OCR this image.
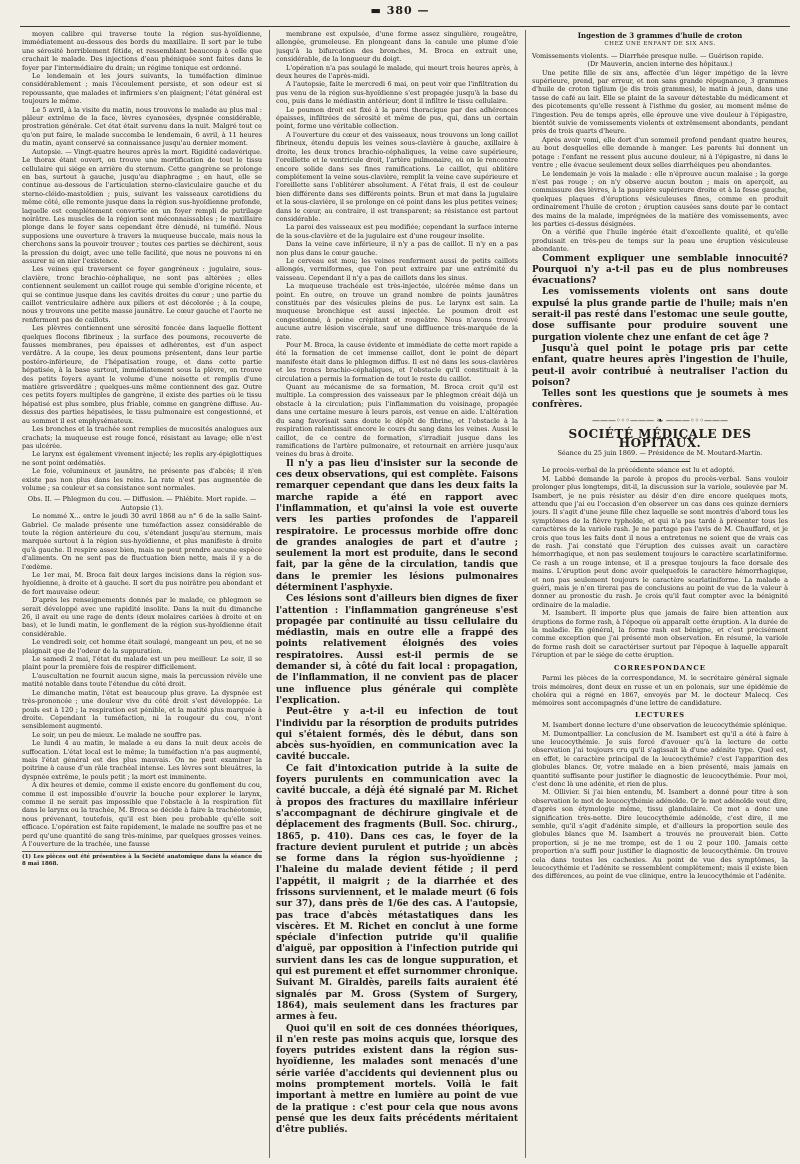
▬ 380 —

moyen calibre qui traverse toute la région sus-hyoïdienne, immédiatement au-dessous des bords du maxillaire. Il sort par le tube une sérosité horriblement fétide, et ressemblant beaucoup à celle que crachait le malade. Des injections d'eau phéniquée sont faites dans le foyer par l'intermédiaire du drain; un régime tonique est ordonné.

Le lendemain et les jours suivants, la tuméfaction diminue considérablement ; mais l'écoulement persiste, et son odeur est si repoussante, que malades et infirmiers s'en plaignent; l'état général est toujours le même.

Le 5 avril, à la visite du matin, nous trouvons le malade au plus mal : pâleur extrême de la face, lèvres cyanosées, dyspnée considérable, prostration générale. Cet état était survenu dans la nuit. Malgré tout ce qu'on put faire, le malade succomba le lendemain, 6 avril, à 11 heures du matin, ayant conservé sa connaissance jusqu'au dernier moment.

Autopsie. — Vingt-quatre heures après la mort. Rigidité cadavérique. Le thorax étant ouvert, on trouve une mortification de tout le tissu cellulaire qui siége en arrière du sternum. Cette gangrène se prolonge en bas, surtout à gauche, jusqu'au diaphragme ; en haut, elle se continue au-dessous de l'articulation sterno-claviculaire gauche et du sterno-cléido-mastoïdien ; puis, suivant les vaisseaux carotidiens du même côté, elle remonte jusque dans la région sus-hyoïdienne profonde, laquelle est complétement convertie en un foyer rempli de putrilage noirâtre. Les muscles de la région sont méconnaissables ; le maxillaire plonge dans le foyer sans cependant être dénudé, ni tuméfié. Nous supposions une ouverture à travers la muqueuse buccale, mais nous la cherchons sans la pouvoir trouver ; toutes ces parties se déchirent, sous la pression du doigt, avec une telle facilité, que nous ne pouvons ni en assurer ni en nier l'existence.

Les veines qui traversent ce foyer gangréneux : jugulaire, sous-clavière, tronc brachio-céphalique, ne sont pas altérées ; elles contiennent seulement un caillot rouge qui semble d'origine récente, et qui se continue jusque dans les cavités droites du cœur ; une partie du caillot ventriculaire adhère aux piliers et est décolorée ; à la coupe, nous y trouvons une petite masse jaunâtre. Le cœur gauche et l'aorte ne renferment pas de caillots.

Les plèvres contiennent une sérosité foncée dans laquelle flottent quelques flocons fibrineux ; la surface des poumons, recouverte de fausses membranes, peu épaisses et adhérentes, est d'un aspect verdâtre. A la coupe, les deux poumons présentent, dans leur partie postéro-inférieure, de l'hépatisation rouge, et dans cette partie hépatisée, à la base surtout, immédiatement sous la plèvre, on trouve des petits foyers ayant le volume d'une noisette et remplis d'une matière grisverdâtre ; quelques-uns même contiennent des gaz. Outre ces petits foyers multiples de gangrène, il existe des parties où le tissu hépatisé est plus sombre, plus friable, comme en gangrène diffuse. Au-dessus des parties hépatisées, le tissu pulmonaire est congestionné, et au sommet il est emphysémateux.

Les bronches et la trachée sont remplies de mucosités analogues aux crachats; la muqueuse est rouge foncé, résistant au lavage; elle n'est pas ulcérée.

Le larynx est également vivement injecté; les replis ary-épiglottiques ne sont point œdématiés.

Le foie, volumineux et jaunâtre, ne présente pas d'abcès; il n'en existe pas non plus dans les reins. La rate n'est pas augmentée de volume ; sa couleur et sa consistance sont normales.

Obs. II. — Phlegmon du cou. — Diffusion. — Phlébite. Mort rapide. — Autopsie (1).

Le nommé X... entre le jeudi 30 avril 1868 au n° 6 de la salle Saint-Gabriel. Ce malade présente une tuméfaction assez considérable de toute la région antérieure du cou, s'étendant jusqu'au sternum, mais marquée surtout à la région sus-hyoïdienne, et plus manifeste à droite qu'à gauche. Il respire assez bien, mais ne peut prendre aucune espèce d'aliments. On ne sent pas de fluctuation bien nette, mais il y a de l'œdème.

Le 1er mai, M. Broca fait deux larges incisions dans la région sus-hyoïdienne, à droite et à gauche. Il sort du pus noirâtre peu abondant et de fort mauvaise odeur.

D'après les renseignements donnés par le malade, ce phlegmon se serait développé avec une rapidité insolite. Dans la nuit du dimanche 26, il avait eu une rage de dents (deux molaires cariées à droite et en bas), et le lundi matin, le gonflement de la région sus-hyoïdienne était considérable.

Le vendredi soir, cet homme était soulagé, mangeant un peu, et ne se plaignait que de l'odeur de la suppuration.

Le samedi 2 mai, l'état du malade est un peu meilleur. Le soir, il se plaint pour la première fois de respirer difficilement.

L'auscultation ne fournit aucun signe, mais la percussion révèle une matité notable dans toute l'étendue du côté droit.

Le dimanche matin, l'état est beaucoup plus grave. La dyspnée est très-prononcée ; une douleur vive du côté droit s'est développée. Le pouls est à 120 ; la respiration est pénible, et la matité plus marquée à droite. Cependant la tuméfaction, ni la rougeur du cou, n'ont sensiblement augmenté.

Le soir, un peu de mieux. Le malade ne souffre pas.

Le lundi 4 au matin, le malade a eu dans la nuit deux accès de suffocation. L'état local est le même; la tuméfaction n'a pas augmenté, mais l'état général est des plus mauvais. On ne peut examiner la poitrine à cause d'un râle trachéal intense. Les lèvres sont bleuâtres, la dyspnée extrême, le pouls petit ; la mort est imminente.

A dix heures et demie, comme il existe encore du gonflement du cou, comme il est impossible d'ouvrir la bouche pour explorer le larynx, comme il ne serait pas impossible que l'obstacle à la respiration fût dans le larynx ou la trachée, M. Broca se décide à faire la trachéotomie, nous prévenant, toutefois, qu'il est bien peu probable qu'elle soit efficace. L'opération est faite rapidement, le malade ne souffre pas et ne perd qu'une quantité de sang très-minime, par quelques grosses veines. A l'ouverture de la trachée, une fausse

(1) Les pièces ont été présentées à la Société anatomique dans la séance du 8 mai 1868.

membrane est expulsée, d'une forme assez singulière, rougeâtre, allongée, grumeleuse. En plongeant dans la canule une plume d'oie jusqu'à la bifurcation des bronches, M. Broca en extrait une, considérable, de la longueur du doigt.

L'opération n'a pas soulagé le malade, qui meurt trois heures après, à deux heures de l'après-midi.

A l'autopsie, faite le mercredi 6 mai, on peut voir que l'infiltration du pus venu de la région sus-hyoïdienne s'est propagée jusqu'à la base du cou, puis dans le médiastin antérieur, dont il infiltre le tissu cellulaire.

Le poumon droit est fixé à la paroi thoracique par des adhérences épaisses, infiltrées de sérosité et même de pus, qui, dans un certain point, forme une véritable collection.

A l'ouverture du cœur et des vaisseaux, nous trouvons un long caillot fibrineux, étendu depuis les veines sous-clavière à gauche, axillaire à droite, les deux troncs brachio-céphaliques, la veine cave supérieure, l'oreillette et le ventricule droit, l'artère pulmonaire, où on le rencontre encore solide dans ses fines ramifications. Le caillot, qui oblitère complétement la veine sous-clavière, remplit la veine cave supérieure et l'oreillette sans l'oblitérer absolument. A l'état frais, il est de couleur bien différente dans ses différents points. Brun et mat dans la jugulaire et la sous-clavière, il se prolonge en cé point dans les plus petites veines; dans le cœur, au contraire, il est transparent; sa résistance est partout considérable.

La paroi des vaisseaux est peu modifiée; cependant la surface interne de la sous-clavière et de la jugulaire est d'une rougeur insolite.

Dans la veine cave inférieure, il n'y a pas de caillot. Il n'y en a pas non plus dans le cœur gauche.

Le cerveau est mou; les veines renferment aussi de petits caillots allongés, vermiformes, que l'on peut extraire par une extrémité du vaisseau. Cependant il n'y a pas de caillots dans les sinus.

La muqueuse trachéale est très-injectée, ulcérée même dans un point. En outre, on trouve un grand nombre de points jaunâtres constitués par des vésicules pleins de pus. Le larynx est sain. La muqueuse bronchique est aussi injectée. Le poumon droit est congestionné, à peine crépitant et rougeâtre. Nous n'avons trouvé aucune autre lésion viscérale, sauf une diffluence très-marquée de la rate.

Pour M. Broca, la cause évidente et immédiate de cette mort rapide a été la formation de cet immense caillot, dont le point de départ manifeste était dans le phlegmon diffus. Il est né dans les sous-clavières et les troncs brachio-céphaliques, et l'obstacle qu'il constituait à la circulation a permis la formation de tout le reste du caillot.

Quant au mécanisme de sa formation, M. Broca croit qu'il est multiple. La compression des vaisseaux par le phlegmon créait déjà un obstacle à la circulation; puis l'inflammation du voisinage, propagée dans une certaine mesure à leurs parois, est venue en aide. L'altération du sang favorisait sans doute le dépôt de fibrine, et l'obstacle à la respiration ralentissait encore le cours du sang dans les veines. Aussi le caillot, de ce centre de formation, s'irradiait jusque dans les ramifications de l'artère pulmonaire, et retournait en arrière jusqu'aux veines du bras à droite.

Il n'y a pas lieu d'insister sur la seconde de ces deux observations, qui est complète. Faisons remarquer cependant que dans les deux faits la marche rapide a été en rapport avec l'inflammation, et qu'ainsi la voie est ouverte vers les parties profondes de l'appareil respiratoire. Le processus morbide offre donc de grandes analogies de part et d'autre ; seulement la mort est produite, dans le second fait, par la gêne de la circulation, tandis que dans le premier les lésions pulmonaires déterminent l'asphyxie.

Ces lésions sont d'ailleurs bien dignes de fixer l'attention : l'inflammation gangréneuse s'est propagée par continuité au tissu cellulaire du médiastin, mais en outre elle a frappé des points relativement éloignés des voies respiratoires. Aussi est-il permis de se demander si, à côté du fait local : propagation, de l'inflammation, il ne convient pas de placer une influence plus générale qui complète l'explication.

Peut-être y a-t-il eu infection de tout l'individu par la résorption de produits putrides qui s'étaient formés, dès le début, dans son abcès sus-hyoïdien, en communication avec la cavité buccale.

Ce fait d'intoxication putride à la suite de foyers purulents en communication avec la cavité buccale, a déjà été signalé par M. Richet à propos des fractures du maxillaire inférieur s'accompagnant de déchirure gingivale et de déplacement des fragments (Bull. Soc. chirurg., 1865, p. 410). Dans ces cas, le foyer de la fracture devient purulent et putride ; un abcès se forme dans la région sus-hyoïdienne ; l'haleine du malade devient fétide ; il perd l'appétit, il maigrit ; de la diarrhée et des frissons surviennent, et le malade meurt (6 fois sur 37), dans près de 1/6e des cas. A l'autopsie, pas trace d'abcès métastatiques dans les viscères. Et M. Richet en conclut à une forme spéciale d'infection putride qu'il qualifie d'aiguë, par opposition à l'infection putride qui survient dans les cas de longue suppuration, et qui est purement et effet surnommer chronique. Suivant M. Giraldès, pareils faits auraient été signalés par M. Gross (System of Surgery, 1864), mais seulement dans les fractures par armes à feu.

Quoi qu'il en soit de ces données théoriques, il n'en reste pas moins acquis que, lorsque des foyers putrides existent dans la région sus-hyoïdienne, les malades sont menacés d'une série variée d'accidents qui deviennent plus ou moins promptement mortels. Voilà le fait important à mettre en lumière au point de vue de la pratique : c'est pour cela que nous avons pensé que les deux faits précédents méritaient d'être publiés.

Ingestion de 3 grammes d'huile de croton
CHEZ UNE ENFANT DE SIX ANS.

Vomissements violents. — Diarrhée presque nulle. — Guérison rapide.

(Dr Mauverin, ancien interne des hôpitaux.)

Une petite fille de six ans, affectée d'un léger impétigo de la lèvre supérieure, prend, par erreur, et non sans grande répugnance, 3 grammes d'huile de croton tiglium (je dis trois grammes), le matin à jeun, dans une tasse de café au lait. Elle se plaint de la saveur détestable du médicament et des picotements qu'elle ressent à l'isthme du gosier, au moment même de l'ingestion. Peu de temps après, elle éprouve une vive douleur à l'épigastre, bientôt suivie de vomissements violents et extrêmement abondants, pendant près de trois quarts d'heure.

Après avoir vomi, elle dort d'un sommeil profond pendant quatre heures, au bout desquelles elle demande à manger. Les parents lui donnent un potage : l'enfant ne ressent plus aucune douleur, ni à l'épigastre, ni dans le ventre ; elle évacue seulement deux selles diarrhéiques peu abondantes.

Le lendemain je vois la malade : elle n'éprouve aucun malaise ; la gorge n'est pas rouge ; on n'y observe aucun bouton ; mais on aperçoit, au commissure des lèvres, à la paupière supérieure droite et à la fesse gauche, quelques plaques d'éruptions vésiculeuses fines, comme en produit ordinairement l'huile de croton ; éruption causées sans doute par le contact des mains de la malade, imprégnées de la matière des vomissements, avec les parties ci-dessus désignées.

On a vérifié que l'huile ingérée était d'excellente qualité, et qu'elle produisait en très-peu de temps sur la peau une éruption vésiculeuse abondante.

Comment expliquer une semblable innocuité? Pourquoi n'y a-t-il pas eu de plus nombreuses évacuations?

Les vomissements violents ont sans doute expulsé la plus grande partie de l'huile; mais n'en serait-il pas resté dans l'estomac une seule goutte, dose suffisante pour produire souvent une purgation violente chez une enfant de cet âge ?

Jusqu'à quel point le potage pris par cette enfant, quatre heures après l'ingestion de l'huile, peut-il avoir contribué à neutraliser l'action du poison?

Telles sont les questions que je soumets à mes confrères.

———◦◦◦——— ❧ ———◦◦◦———
SOCIÉTÉ MÉDICALE DES HOPITAUX.
Séance du 25 juin 1869. — Présidence de M. Moutard-Martin.

Le procès-verbal de la précédente séance est lu et adopté.

M. Labbé demande la parole à propos du procès-verbal. Sans vouloir prolonger plus longtemps, dit-il, la discussion sur la variole, soulevée par M. Isambert, je ne puis résister au désir d'en dire encore quelques mots, attendu que j'ai eu l'occasion d'en observer un cas dans ces quinze derniers jours. Il s'agit d'une jeune fille chez laquelle se sont montrés d'abord tous les symptômes de la fièvre typhoïde, et qui n'a pas tardé à présenter tous les caractères de la variole rash. Je ne partage pas l'avis de M. Chauffard, et je crois que tous les faits dont il nous a entretenus ne soient que de vrais cas de rash. J'ai constaté que l'éruption des cuisses avait un caractère hémorrhagique, et non pas seulement toujours le caractère scarlatiniforme. Ce rash a un rouge intense, et il a presque toujours la face dorsale des mains. L'éruption peut donc avoir quelquefois le caractère hémorrhagique, et non pas seulement toujours le caractère scarlatiniforme. La malade a guéri, mais je n'en tirerai pas de conclusions au point de vue de la valeur à donner au pronostic du rash. Je crois qu'il faut compter avec la bénignité ordinaire de la maladie.

M. Isambert. Il importe plus que jamais de faire bien attention aux éruptions de forme rash, à l'époque où apparaît cette éruption. A la durée de la maladie. En général, la forme rash est bénigne, et c'est précisément comme exception que j'ai présenté mon observation. En résumé, la variole de forme rash doit se caractériser surtout par l'époque à laquelle apparaît l'éruption et par le siége de cette éruption.

CORRESPONDANCE

Parmi les pièces de la correspondance, M. le secrétaire général signale trois mémoires, dont deux en russe et un en polonais, sur une épidémie de choléra qui a régné en 1867, envoyés par M. le docteur Malecq. Ces mémoires sont accompagnés d'une lettre de candidature.

LECTURES

M. Isambert donne lecture d'une observation de leucocythémie splénique.

M. Dumontpallier. La conclusion de M. Isambert est qu'il a été à faire à une leucocythémie. Je suis forcé d'avouer qu'à la lecture de cette observation j'ai toujours cru qu'il s'agissait là d'une adénite type. Quel est, en effet, le caractère principal de la leucocythémie? c'est l'apparition des globules blancs. Or, votre malade en a bien présenté, mais jamais en quantité suffisante pour justifier le diagnostic de leucocythémie. Pour moi, c'est donc là une adénite, et rien de plus.

M. Ollivier. Si j'ai bien entendu, M. Isambert a donné pour titre à son observation le mot de leucocythémie adénoïde. Or le mot adénoïde veut dire, d'après son étymologie même, tissu glandulaire. Ce mot a donc une signification très-nette. Dire leucocythémie adénoïde, c'est dire, il me semble, qu'il s'agit d'adénite simple, et d'ailleurs la proportion seule des globules blancs que M. Isambert a trouvés ne prouverait bien. Cette proportion, si je ne me trompe, est de 1 ou 2 pour 100. Jamais cette proportion n'a suffi pour justifier le diagnostic de leucocythémie. On trouve cela dans toutes les cachexies. Au point de vue des symptômes, la leucocythémie et l'adénite se ressemblent complétement; mais il existe bien des différences, au point de vue clinique, entre la leucocythémie et l'adénite.
